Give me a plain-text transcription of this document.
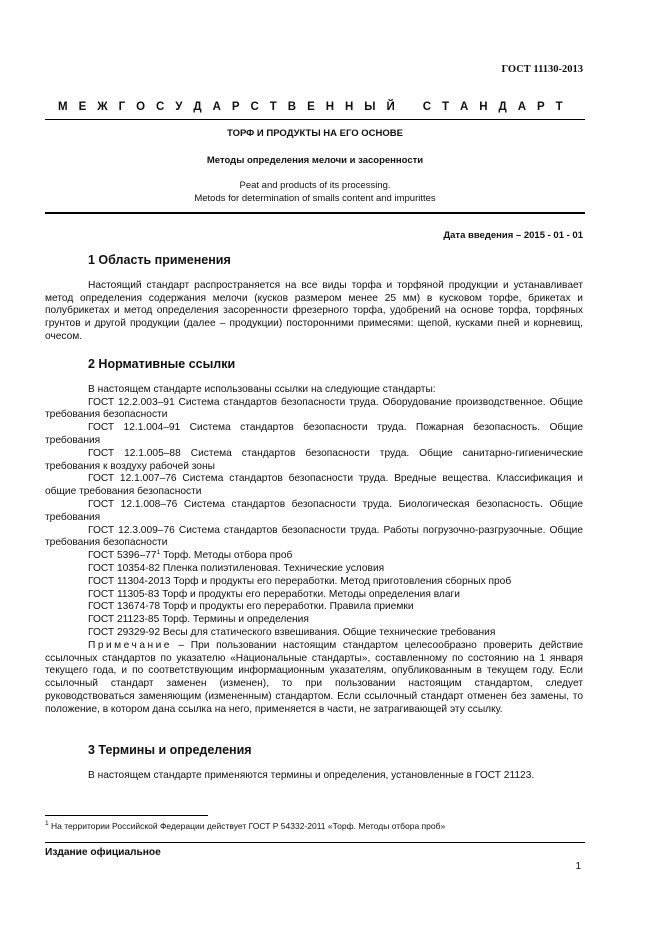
ГОСТ 11130-2013
М Е Ж Г О С У Д А Р С Т В Е Н Н Ы Й С Т А Н Д А Р Т
ТОРФ И ПРОДУКТЫ НА ЕГО ОСНОВЕ
Методы определения мелочи и засоренности
Peat and products of its processing.
Metods for determination of smalls content and impurittes
Дата введения – 2015 - 01 - 01
1 Область применения

Настоящий стандарт распространяется на все виды торфа и торфяной продукции и устанавливает метод определения содержания мелочи (кусков размером менее 25 мм) в кусковом торфе, брикетах и полубрикетах и метод определения засоренности фрезерного торфа, удобрений на основе торфа, торфяных грунтов и другой продукции (далее – продукции) посторонними примесями: щепой, кусками пней и корневищ, очесом.

2 Нормативные ссылки

В настоящем стандарте использованы ссылки на следующие стандарты:

ГОСТ 12.2.003–91 Система стандартов безопасности труда. Оборудование производственное. Общие требования безопасности

ГОСТ 12.1.004–91 Система стандартов безопасности труда. Пожарная безопасность. Общие требования

ГОСТ 12.1.005–88 Система стандартов безопасности труда. Общие санитарно-гигиенические требования к воздуху рабочей зоны

ГОСТ 12.1.007–76 Система стандартов безопасности труда. Вредные вещества. Классификация и общие требования безопасности

ГОСТ 12.1.008–76 Система стандартов безопасности труда. Биологическая безопасность. Общие требования

ГОСТ 12.3.009–76 Система стандартов безопасности труда. Работы погрузочно-разгрузочные. Общие требования безопасности

ГОСТ $5396-77^1$ Торф. Методы отбора проб

ГОСТ 10354-82 Пленка полиэтиленовая. Технические условия

ГОСТ 11304-2013 Торф и продукты его переработки. Метод приготовления сборных проб

ГОСТ 11305-83 Торф и продукты его переработки. Методы определения влаги

ГОСТ 13674-78 Торф и продукты его переработки. Правила приемки

ГОСТ 21123-85 Торф. Термины и определения

ГОСТ 29329-92 Весы для статического взвешивания. Общие технические требования

Примечание – При пользовании настоящим стандартом целесообразно проверить действие ссылочных стандартов по указателю «Национальные стандарты», составленному по состоянию на 1 января текущего года, и по соответствующим информационным указателям, опубликованным в текущем году. Если ссылочный стандарт заменен (изменен), то при пользовании настоящим стандартом, следует руководствоваться заменяющим (измененным) стандартом. Если ссылочный стандарт отменен без замены, то положение, в котором дана ссылка на него, применяется в части, не затрагивающей эту ссылку.

3 Термины и определения

В настоящем стандарте применяются термины и определения, установленные в ГОСТ 21123.

$^1$ На территории Российской Федерации действует ГОСТ Р 54332-2011 «Торф. Методы отбора проб»
Издание официальное
1
